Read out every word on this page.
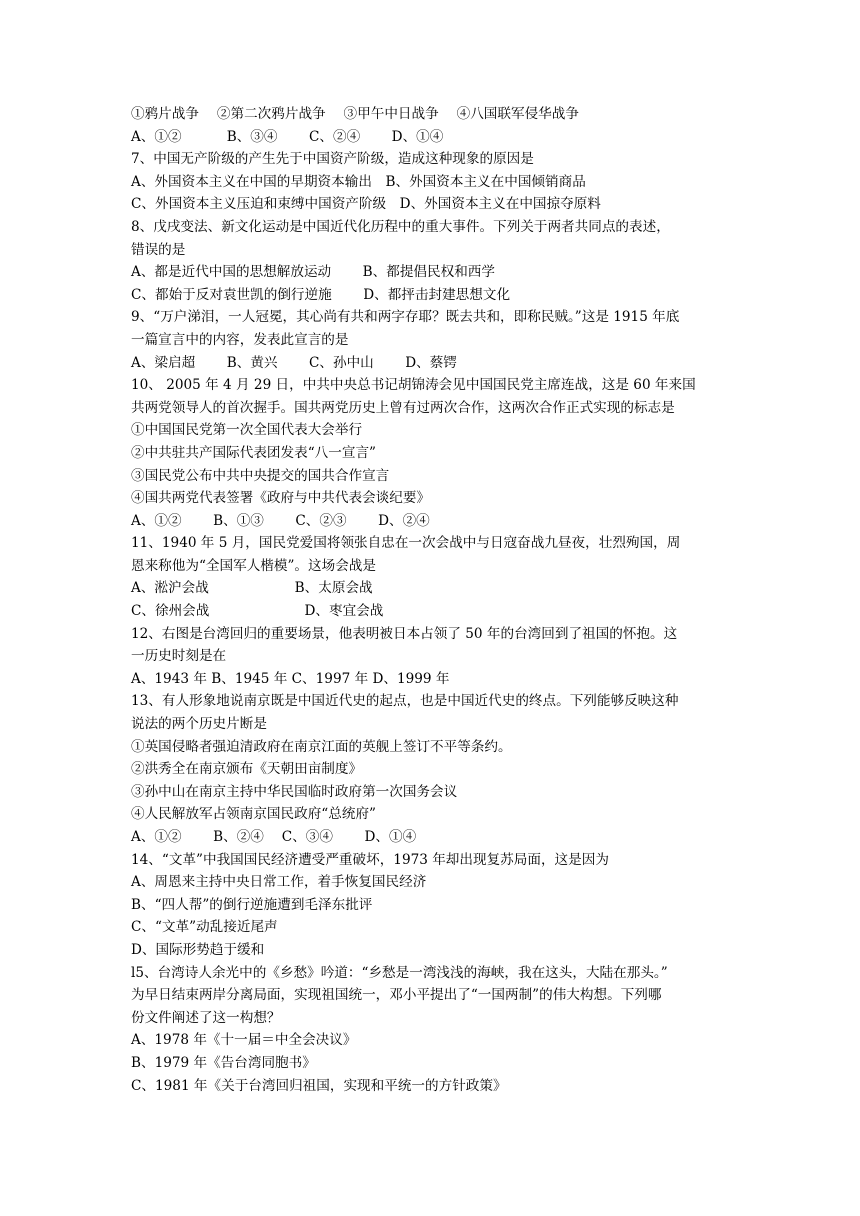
①鸦片战争　 ②第二次鸦片战争　 ③甲午中日战争　 ④八国联军侵华战争
A、①②　　　 B、③④　　 C、②④　　 D、①④
7、中国无产阶级的产生先于中国资产阶级，造成这种现象的原因是
A、外国资本主义在中国的早期资本输出　B、外国资本主义在中国倾销商品
C、外国资本主义压迫和束缚中国资产阶级　D、外国资本主义在中国掠夺原料
8、戊戌变法、新文化运动是中国近代化历程中的重大事件。下列关于两者共同点的表述，
错误的是
A、都是近代中国的思想解放运动　　 B、都提倡民权和西学
C、都始于反对袁世凯的倒行逆施　　 D、都抨击封建思想文化
9、“万户涕泪，一人冠冕，其心尚有共和两字存耶？既去共和，即称民贼。”这是 1915 年底
一篇宣言中的内容，发表此宣言的是
A、梁启超　　 B、黄兴　　 C、孙中山　　 D、蔡锷
10、 2005 年 4 月 29 日，中共中央总书记胡锦涛会见中国国民党主席连战，这是 60 年来国
共两党领导人的首次握手。国共两党历史上曾有过两次合作，这两次合作正式实现的标志是
①中国国民党第一次全国代表大会举行
②中共驻共产国际代表团发表“八一宣言”
③国民党公布中共中央提交的国共合作宣言
④国共两党代表签署《政府与中共代表会谈纪要》
A、①②　　 B、①③　　 C、②③　　 D、②④
11、1940 年 5 月，国民党爱国将领张自忠在一次会战中与日寇奋战九昼夜，壮烈殉国，周
恩来称他为“全国军人楷模”。这场会战是
A、淞沪会战　　　　　　 B、太原会战
C、徐州会战　　　　　　　D、枣宜会战
12、右图是台湾回归的重要场景，他表明被日本占领了 50 年的台湾回到了祖国的怀抱。这
一历史时刻是在
A、1943 年 B、1945 年 C、1997 年 D、1999 年
13、有人形象地说南京既是中国近代史的起点，也是中国近代史的终点。下列能够反映这种
说法的两个历史片断是
①英国侵略者强迫清政府在南京江面的英舰上签订不平等条约。
②洪秀全在南京颁布《天朝田亩制度》
③孙中山在南京主持中华民国临时政府第一次国务会议
④人民解放军占领南京国民政府“总统府”
A、①②　　 B、②④　 C、③④　　 D、①④
14、“文革”中我国国民经济遭受严重破坏，1973 年却出现复苏局面，这是因为
A、周恩来主持中央日常工作，着手恢复国民经济
B、“四人帮”的倒行逆施遭到毛泽东批评
C、“文革”动乱接近尾声
D、国际形势趋于缓和
l5、台湾诗人余光中的《乡愁》吟道：“乡愁是一湾浅浅的海峡，我在这头，大陆在那头。”
为早日结束两岸分离局面，实现祖国统一，邓小平提出了“一国两制”的伟大构想。下列哪
份文件阐述了这一构想？
A、1978 年《十一届＝中全会决议》
B、1979 年《告台湾同胞书》
C、1981 年《关于台湾回归祖国，实现和平统一的方针政策》
